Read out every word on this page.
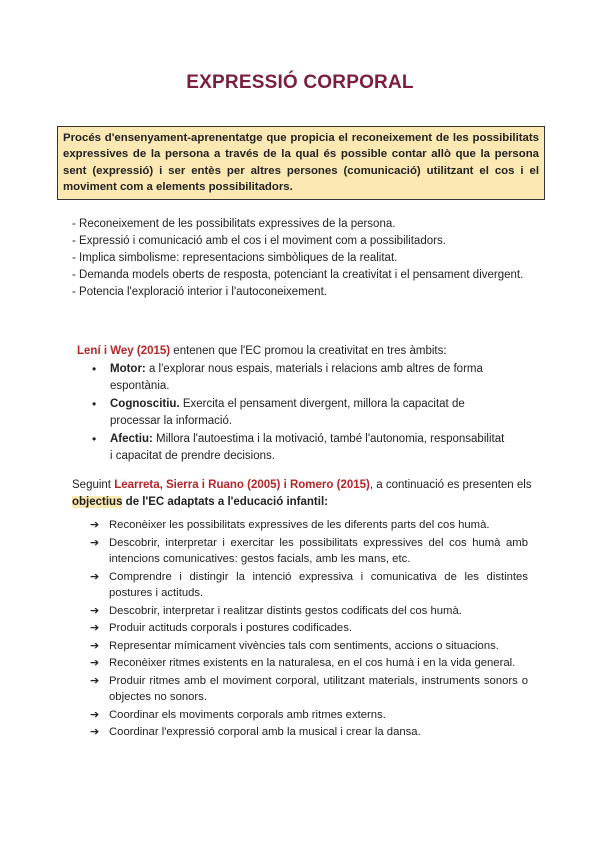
EXPRESSIÓ CORPORAL
Procés d'ensenyament-aprenentatge que propicia el reconeixement de les possibilitats expressives de la persona a través de la qual és possible contar allò que la persona sent (expressió) i ser entès per altres persones (comunicació) utilitzant el cos i el moviment com a elements possibilitadors.
- Reconeixement de les possibilitats expressives de la persona.
- Expressió i comunicació amb el cos i el moviment com a possibilitadors.
- Implica simbolisme: representacions simbòliques de la realitat.
- Demanda models oberts de resposta, potenciant la creativitat i el pensament divergent.
- Potencia l'exploració interior i l'autoconeixement.
Lení i Wey (2015) entenen que l'EC promou la creativitat en tres àmbits:
• Motor: a l'explorar nous espais, materials i relacions amb altres de forma espontània.
• Cognoscitiu. Exercita el pensament divergent, millora la capacitat de processar la informació.
• Afectiu: Millora l'autoestima i la motivació, també l'autonomia, responsabilitat i capacitat de prendre decisions.
Seguint Learreta, Sierra i Ruano (2005) i Romero (2015), a continuació es presenten els objectius de l'EC adaptats a l'educació infantil:
➔ Reconèixer les possibilitats expressives de les diferents parts del cos humà.
➔ Descobrir, interpretar i exercitar les possibilitats expressives del cos humà amb intencions comunicatives: gestos facials, amb les mans, etc.
➔ Comprendre i distingir la intenció expressiva i comunicativa de les distintes postures i actituds.
➔ Descobrir, interpretar i realitzar distints gestos codificats del cos humà.
➔ Produir actituds corporals i postures codificades.
➔ Representar mímicament vivències tals com sentiments, accions o situacions.
➔ Reconèixer ritmes existents en la naturalesa, en el cos humà i en la vida general.
➔ Produir ritmes amb el moviment corporal, utilitzant materials, instruments sonors o objectes no sonors.
➔ Coordinar els moviments corporals amb ritmes externs.
➔ Coordinar l'expressió corporal amb la musical i crear la dansa.
